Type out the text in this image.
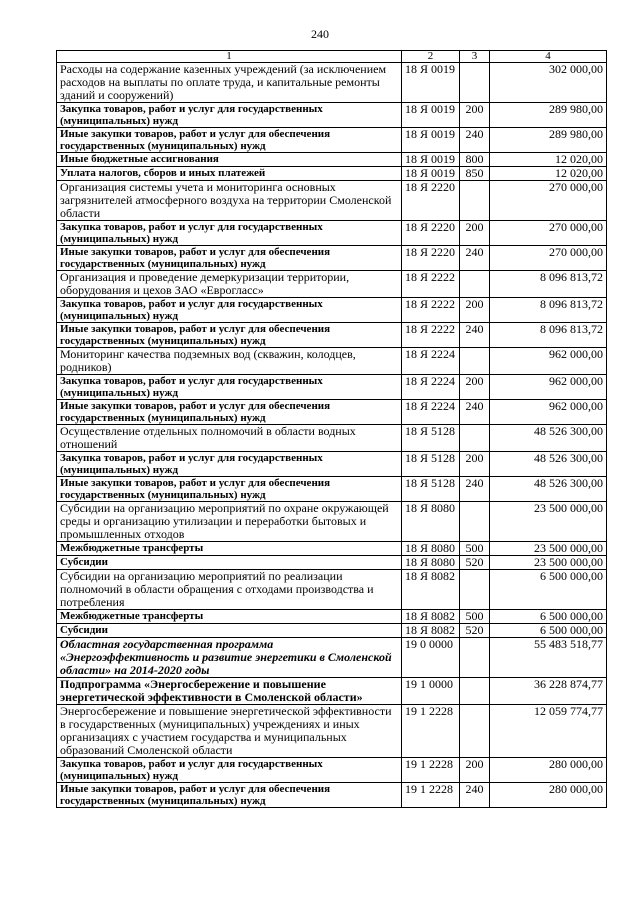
240
1	2	3	4
Расходы на содержание казенных учреждений (за исключением расходов на выплаты по оплате труда, и капитальные ремонты зданий и сооружений)	18 Я 0019		302 000,00
Закупка товаров, работ и услуг для государственных (муниципальных) нужд	18 Я 0019	200	289 980,00
Иные закупки товаров, работ и услуг для обеспечения государственных (муниципальных) нужд	18 Я 0019	240	289 980,00
Иные бюджетные ассигнования	18 Я 0019	800	12 020,00
Уплата налогов, сборов и иных платежей	18 Я 0019	850	12 020,00
Организация системы учета и мониторинга основных загрязнителей атмосферного воздуха на территории Смоленской области	18 Я 2220		270 000,00
Закупка товаров, работ и услуг для государственных (муниципальных) нужд	18 Я 2220	200	270 000,00
Иные закупки товаров, работ и услуг для обеспечения государственных (муниципальных) нужд	18 Я 2220	240	270 000,00
Организация и проведение демеркуризации территории, оборудования и цехов ЗАО «Евроглacc»	18 Я 2222		8 096 813,72
Закупка товаров, работ и услуг для государственных (муниципальных) нужд	18 Я 2222	200	8 096 813,72
Иные закупки товаров, работ и услуг для обеспечения государственных (муниципальных) нужд	18 Я 2222	240	8 096 813,72
Мониторинг качества подземных вод (скважин, колодцев, родников)	18 Я 2224		962 000,00
Закупка товаров, работ и услуг для государственных (муниципальных) нужд	18 Я 2224	200	962 000,00
Иные закупки товаров, работ и услуг для обеспечения государственных (муниципальных) нужд	18 Я 2224	240	962 000,00
Осуществление отдельных полномочий в области водных отношений	18 Я 5128		48 526 300,00
Закупка товаров, работ и услуг для государственных (муниципальных) нужд	18 Я 5128	200	48 526 300,00
Иные закупки товаров, работ и услуг для обеспечения государственных (муниципальных) нужд	18 Я 5128	240	48 526 300,00
Субсидии на организацию мероприятий по охране окружающей среды и организацию утилизации и переработки бытовых и промышленных отходов	18 Я 8080		23 500 000,00
Межбюджетные трансферты	18 Я 8080	500	23 500 000,00
Субсидии	18 Я 8080	520	23 500 000,00
Субсидии на организацию мероприятий по реализации полномочий в области обращения с отходами производства и потребления	18 Я 8082		6 500 000,00
Межбюджетные трансферты	18 Я 8082	500	6 500 000,00
Субсидии	18 Я 8082	520	6 500 000,00
Областная государственная программа «Энергоэффективность и развитие энергетики в Смоленской области» на 2014-2020 годы	19 0 0000		55 483 518,77
Подпрограмма «Энергосбережение и повышение энергетической эффективности в Смоленской области»	19 1 0000		36 228 874,77
Энергосбережение и повышение энергетической эффективности в государственных (муниципальных) учреждениях и иных организациях с участием государства и муниципальных образований Смоленской области	19 1 2228		12 059 774,77
Закупка товаров, работ и услуг для государственных (муниципальных) нужд	19 1 2228	200	280 000,00
Иные закупки товаров, работ и услуг для обеспечения государственных (муниципальных) нужд	19 1 2228	240	280 000,00
